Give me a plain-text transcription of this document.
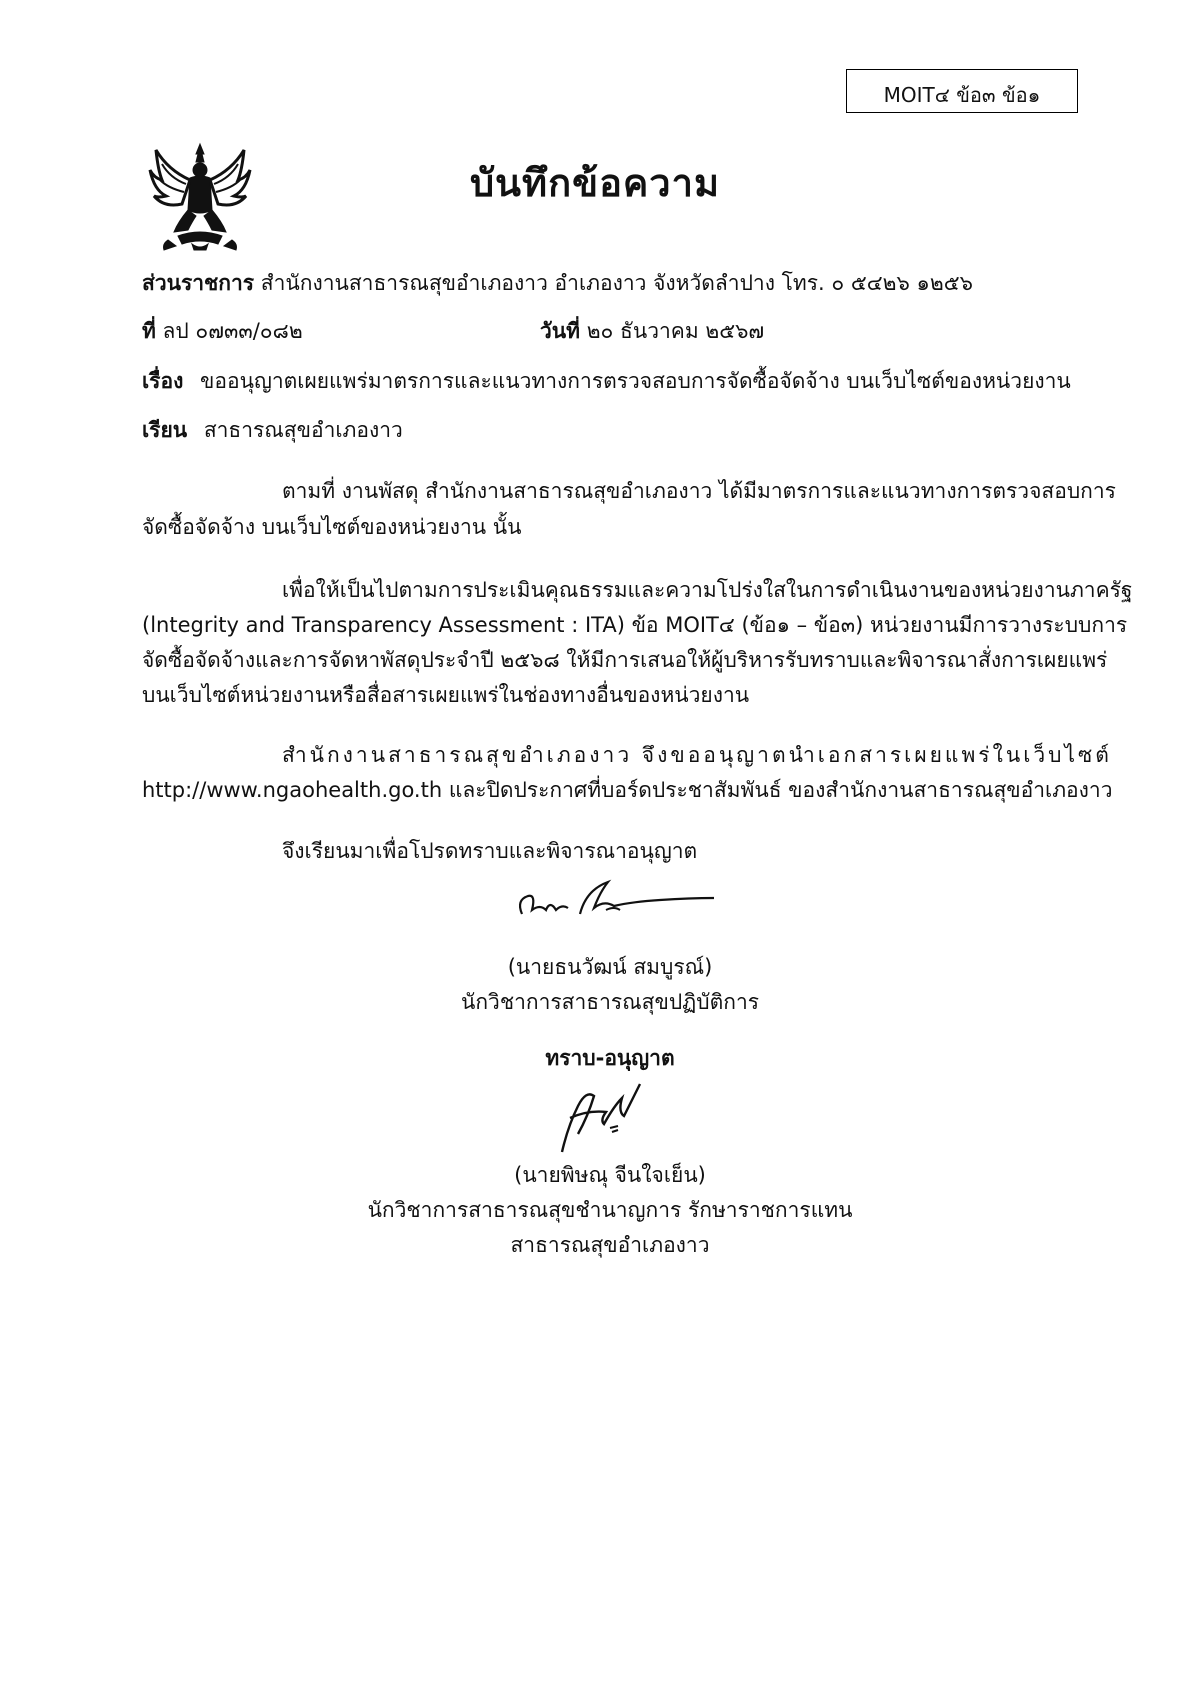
MOIT๔ ข้อ๓ ข้อ๑
บันทึกข้อความ
ส่วนราชการ สำนักงานสาธารณสุขอำเภองาว อำเภองาว จังหวัดลำปาง โทร. ๐ ๕๔๒๖ ๑๒๕๖
ที่ ลป ๐๗๓๓/๐๘๒	วันที่ ๒๐ ธันวาคม ๒๕๖๗
เรื่อง ขออนุญาตเผยแพร่มาตรการและแนวทางการตรวจสอบการจัดซื้อจัดจ้าง บนเว็บไซต์ของหน่วยงาน
เรียน สาธารณสุขอำเภองาว
ตามที่ งานพัสดุ สำนักงานสาธารณสุขอำเภองาว ได้มีมาตรการและแนวทางการตรวจสอบการ
จัดซื้อจัดจ้าง บนเว็บไซต์ของหน่วยงาน นั้น
เพื่อให้เป็นไปตามการประเมินคุณธรรมและความโปร่งใสในการดำเนินงานของหน่วยงานภาครัฐ
(lntegrity and Transparency Assessment : ITA) ข้อ MOIT๔ (ข้อ๑ – ข้อ๓) หน่วยงานมีการวางระบบการ
จัดซื้อจัดจ้างและการจัดหาพัสดุประจำปี ๒๕๖๘ ให้มีการเสนอให้ผู้บริหารรับทราบและพิจารณาสั่งการเผยแพร่
บนเว็บไซต์หน่วยงานหรือสื่อสารเผยแพร่ในช่องทางอื่นของหน่วยงาน
สำนักงานสาธารณสุขอำเภองาว จึงขออนุญาตนำเอกสารเผยแพร่ในเว็บไซต์
http://www.ngaohealth.go.th และปิดประกาศที่บอร์ดประชาสัมพันธ์ ของสำนักงานสาธารณสุขอำเภองาว
จึงเรียนมาเพื่อโปรดทราบและพิจารณาอนุญาต
(นายธนวัฒน์ สมบูรณ์)
นักวิชาการสาธารณสุขปฏิบัติการ
ทราบ-อนุญาต
(นายพิษณุ จีนใจเย็น)
นักวิชาการสาธารณสุขชำนาญการ รักษาราชการแทน
สาธารณสุขอำเภองาว
